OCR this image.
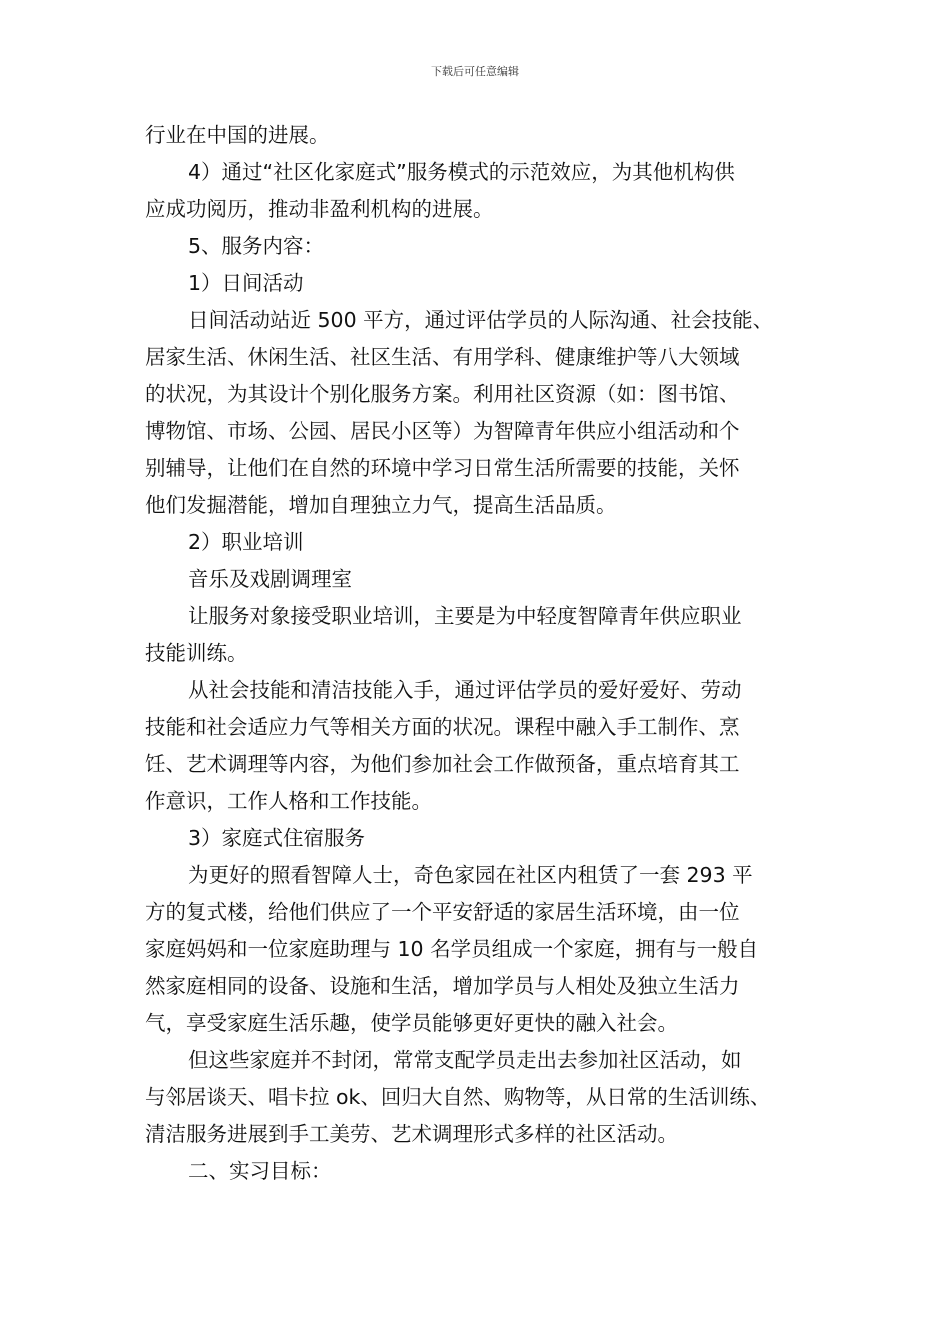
下载后可任意编辑
行业在中国的进展。
4）通过“社区化家庭式”服务模式的示范效应，为其他机构供
应成功阅历，推动非盈利机构的进展。
5、服务内容：
1）日间活动
日间活动站近 500 平方，通过评估学员的人际沟通、社会技能、
居家生活、休闲生活、社区生活、有用学科、健康维护等八大领域
的状况，为其设计个别化服务方案。利用社区资源（如：图书馆、
博物馆、市场、公园、居民小区等）为智障青年供应小组活动和个
别辅导，让他们在自然的环境中学习日常生活所需要的技能，关怀
他们发掘潜能，增加自理独立力气，提高生活品质。
2）职业培训
音乐及戏剧调理室
让服务对象接受职业培训，主要是为中轻度智障青年供应职业
技能训练。
从社会技能和清洁技能入手，通过评估学员的爱好爱好、劳动
技能和社会适应力气等相关方面的状况。课程中融入手工制作、烹
饪、艺术调理等内容，为他们参加社会工作做预备，重点培育其工
作意识，工作人格和工作技能。
3）家庭式住宿服务
为更好的照看智障人士，奇色家园在社区内租赁了一套 293 平
方的复式楼，给他们供应了一个平安舒适的家居生活环境，由一位
家庭妈妈和一位家庭助理与 10 名学员组成一个家庭，拥有与一般自
然家庭相同的设备、设施和生活，增加学员与人相处及独立生活力
气，享受家庭生活乐趣，使学员能够更好更快的融入社会。
但这些家庭并不封闭，常常支配学员走出去参加社区活动，如
与邻居谈天、唱卡拉 ok、回归大自然、购物等，从日常的生活训练、
清洁服务进展到手工美劳、艺术调理形式多样的社区活动。
二、实习目标：
